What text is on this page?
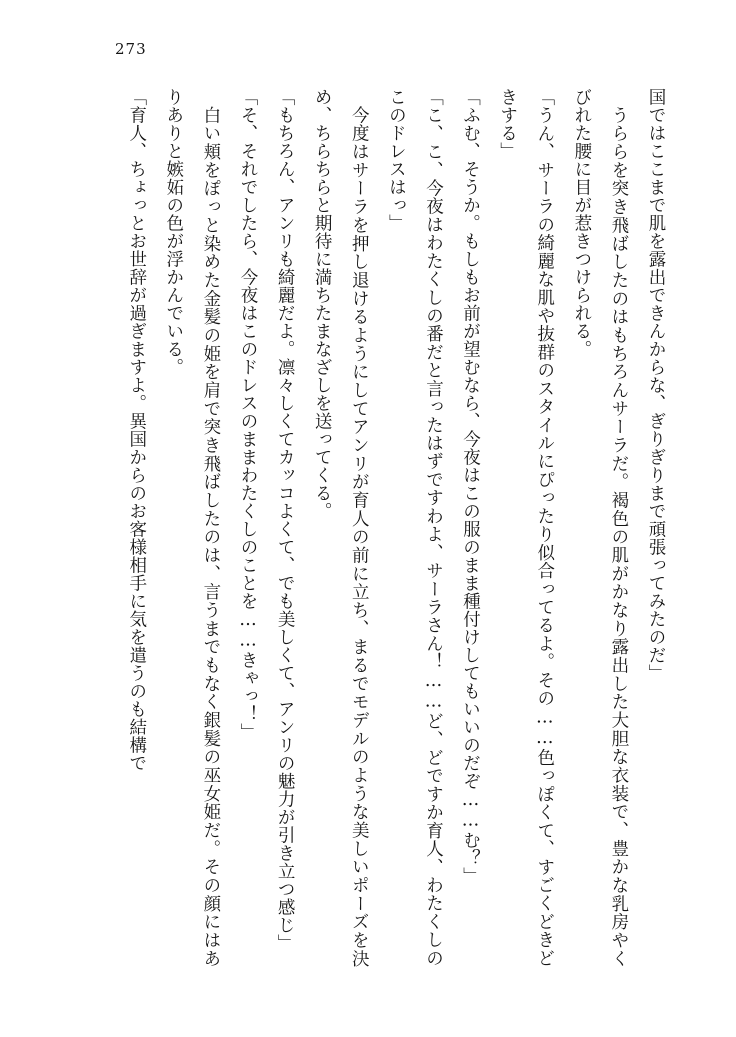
273

国ではここまで肌を露出できんからな、ぎりぎりまで頑張ってみたのだ」

うららを突き飛ばしたのはもちろんサーラだ。褐色の肌がかなり露出した大胆な衣装で、豊かな乳房やくびれた腰に目が惹きつけられる。

「うん、サーラの綺麗な肌や抜群のスタイルにぴったり似合ってるよ。その……色っぽくて、すごくどきどきする」

「ふむ、そうか。もしもお前が望むなら、今夜はこの服のまま種付けしてもいいのだぞ……む？」

「こ、こ、今夜はわたくしの番だと言ったはずですわよ、サーラさん！……ど、どですか育人、わたくしのこのドレスはっ」

今度はサーラを押し退けるようにしてアンリが育人の前に立ち、まるでモデルのような美しいポーズを決め、ちらちらと期待に満ちたまなざしを送ってくる。

「もちろん、アンリも綺麗だよ。凛々しくてカッコよくて、でも美しくて、アンリの魅力が引き立つ感じ」

「そ、それでしたら、今夜はこのドレスのままわたくしのことを……きゃっ！」

白い頬をぽっと染めた金髪の姫を肩で突き飛ばしたのは、言うまでもなく銀髪の巫女姫だ。その顔にはありありと嫉妬の色が浮かんでいる。

「育人、ちょっとお世辞が過ぎますよ。異国からのお客様相手に気を遣うのも結構で
